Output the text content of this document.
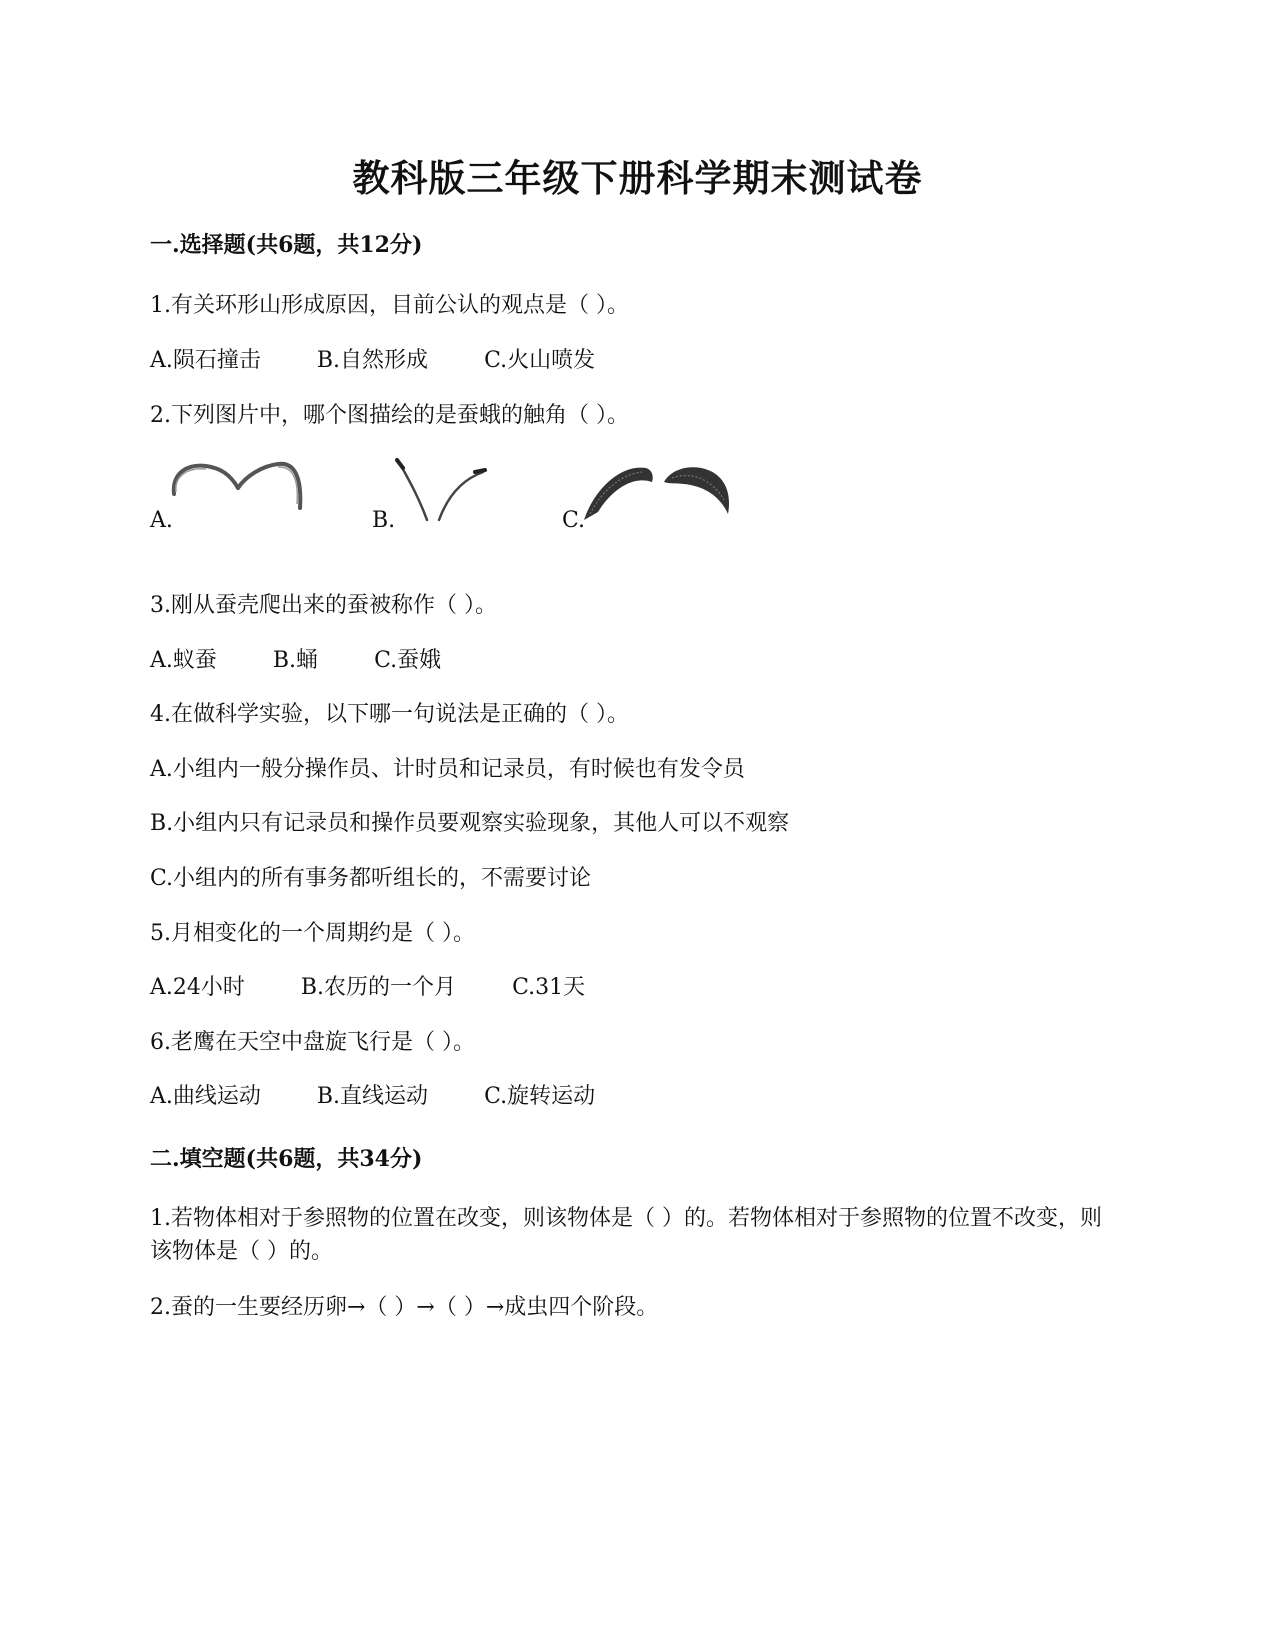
教科版三年级下册科学期末测试卷
一.选择题(共6题，共12分)

1.有关环形山形成原因，目前公认的观点是（ ）。

A.陨石撞击	B.自然形成	C.火山喷发

2.下列图片中，哪个图描绘的是蚕蛾的触角（ ）。

A.	B.	C.

3.刚从蚕壳爬出来的蚕被称作（ ）。

A.蚁蚕	B.蛹	C.蚕娥

4.在做科学实验，以下哪一句说法是正确的（ ）。

A.小组内一般分操作员、计时员和记录员，有时候也有发令员

B.小组内只有记录员和操作员要观察实验现象，其他人可以不观察

C.小组内的所有事务都听组长的，不需要讨论

5.月相变化的一个周期约是（ ）。

A.24小时	B.农历的一个月	C.31天

6.老鹰在天空中盘旋飞行是（ ）。

A.曲线运动	B.直线运动	C.旋转运动

二.填空题(共6题，共34分)

1.若物体相对于参照物的位置在改变，则该物体是（ ）的。若物体相对于参照物的位置不改变，则该物体是（ ）的。

2.蚕的一生要经历卵→（ ）→（ ）→成虫四个阶段。
